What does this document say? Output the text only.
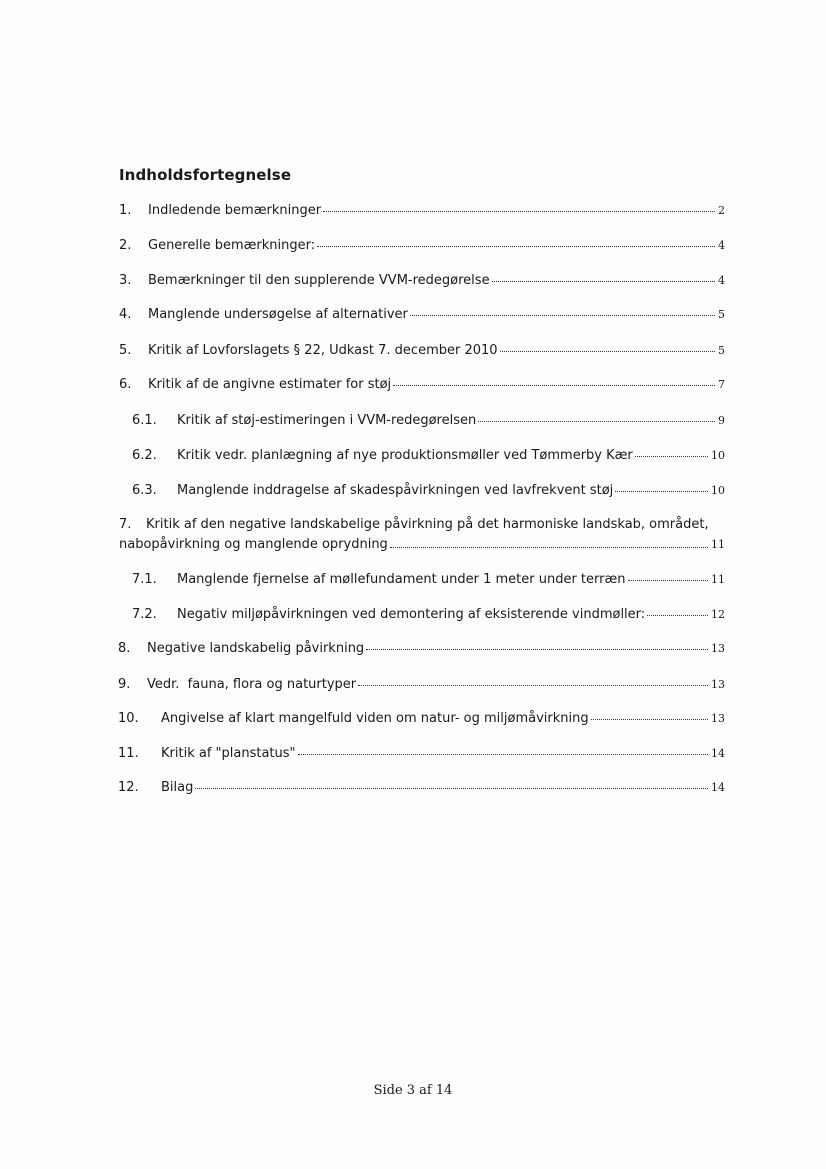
Indholdsfortegnelse
1.	Indledende bemærkninger	2
2.	Generelle bemærkninger:	4
3.	Bemærkninger til den supplerende VVM-redegørelse	4
4.	Manglende undersøgelse af alternativer	5
5.	Kritik af Lovforslagets § 22, Udkast 7. december 2010	5
6.	Kritik af de angivne estimater for støj	7
6.1.	Kritik af støj-estimeringen i VVM-redegørelsen	9
6.2.	Kritik vedr. planlægning af nye produktionsmøller ved Tømmerby Kær	10
6.3.	Manglende inddragelse af skadespåvirkningen ved lavfrekvent støj	10
7. Kritik af den negative landskabelige påvirkning på det harmoniske landskab, området,
nabopåvirkning og manglende oprydning	11
7.1.	Manglende fjernelse af møllefundament under 1 meter under terræn	11
7.2.	Negativ miljøpåvirkningen ved demontering af eksisterende vindmøller:	12
8.	Negative landskabelig påvirkning	13
9.	Vedr.  fauna, flora og naturtyper	13
10.	Angivelse af klart mangelfuld viden om natur- og miljømåvirkning	13
11.	Kritik af "planstatus"	14
12.	Bilag	14
Side 3 af 14
